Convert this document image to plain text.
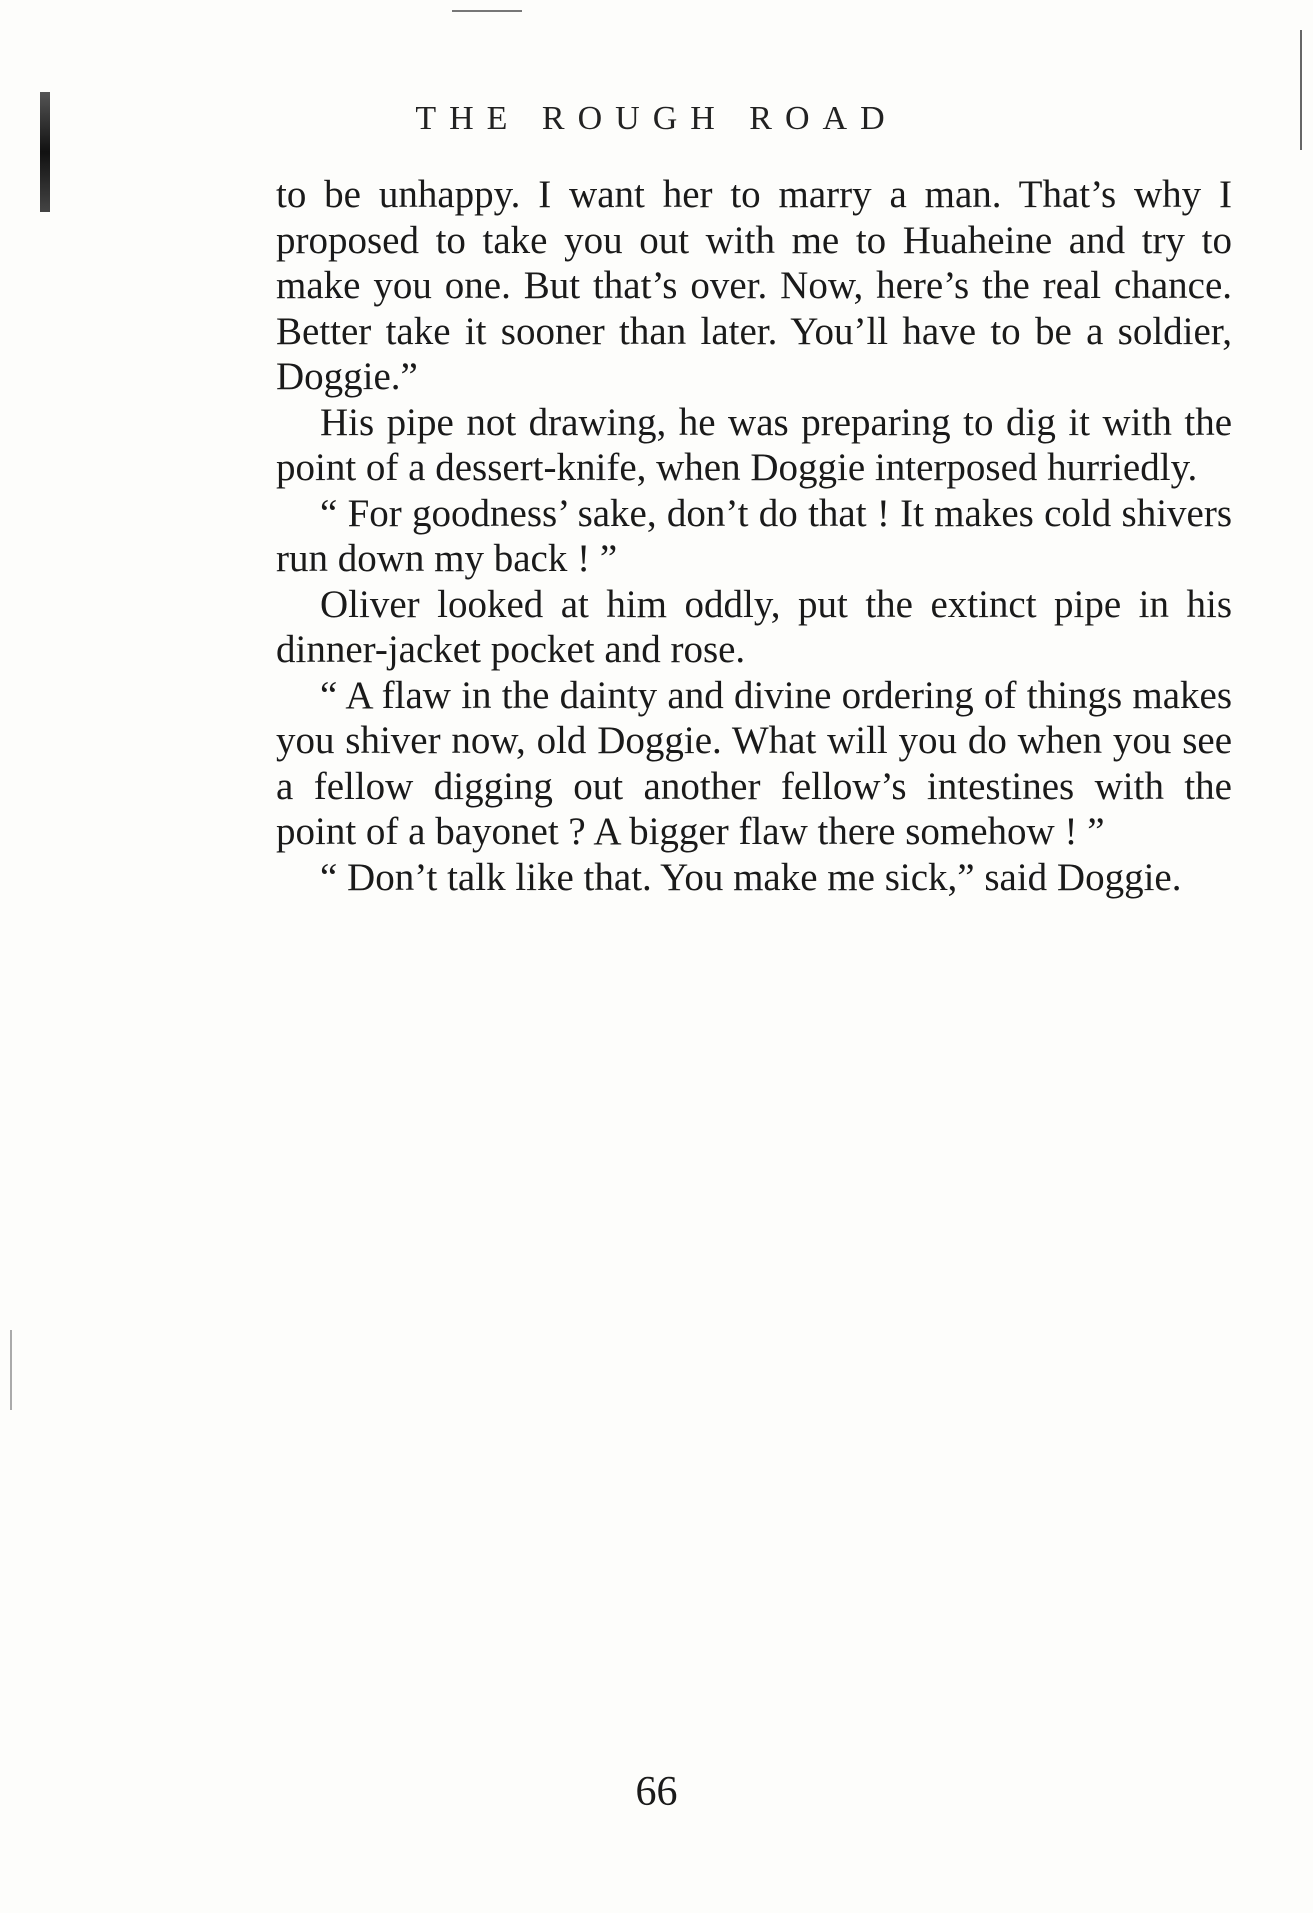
THE ROUGH ROAD

to be unhappy. I want her to marry a man. That’s why I proposed to take you out with me to Huaheine and try to make you one. But that’s over. Now, here’s the real chance. Better take it sooner than later. You’ll have to be a soldier, Doggie.”

His pipe not drawing, he was preparing to dig it with the point of a dessert-knife, when Doggie interposed hurriedly.

“ For goodness’ sake, don’t do that ! It makes cold shivers run down my back ! ”

Oliver looked at him oddly, put the extinct pipe in his dinner-jacket pocket and rose.

“ A flaw in the dainty and divine ordering of things makes you shiver now, old Doggie. What will you do when you see a fellow digging out another fellow’s intestines with the point of a bayonet ? A bigger flaw there somehow ! ”

“ Don’t talk like that. You make me sick,” said Doggie.

66
